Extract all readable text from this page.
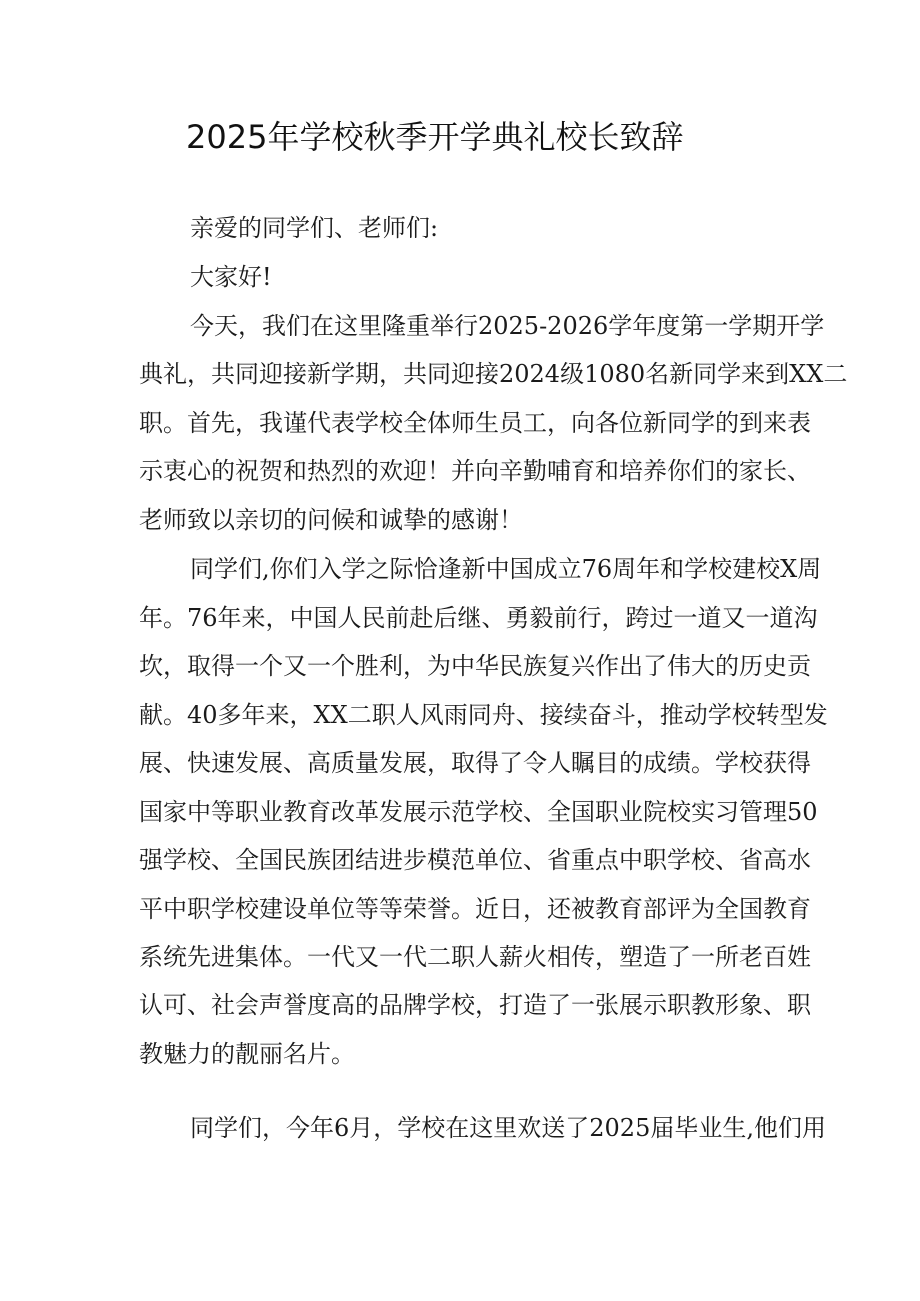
2025年学校秋季开学典礼校长致辞

亲爱的同学们、老师们:

大家好!

今天，我们在这里隆重举行2025-2026学年度第一学期开学

典礼，共同迎接新学期，共同迎接2024级1080名新同学来到XX二

职。首先，我谨代表学校全体师生员工，向各位新同学的到来表

示衷心的祝贺和热烈的欢迎！并向辛勤哺育和培养你们的家长、

老师致以亲切的问候和诚挚的感谢！

同学们,你们入学之际恰逢新中国成立76周年和学校建校X周

年。76年来，中国人民前赴后继、勇毅前行，跨过一道又一道沟

坎，取得一个又一个胜利，为中华民族复兴作出了伟大的历史贡

献。40多年来，XX二职人风雨同舟、接续奋斗，推动学校转型发

展、快速发展、高质量发展，取得了令人瞩目的成绩。学校获得

国家中等职业教育改革发展示范学校、全国职业院校实习管理50

强学校、全国民族团结进步模范单位、省重点中职学校、省高水

平中职学校建设单位等等荣誉。近日，还被教育部评为全国教育

系统先进集体。一代又一代二职人薪火相传，塑造了一所老百姓

认可、社会声誉度高的品牌学校，打造了一张展示职教形象、职

教魅力的靓丽名片。

同学们，今年6月，学校在这里欢送了2025届毕业生,他们用
